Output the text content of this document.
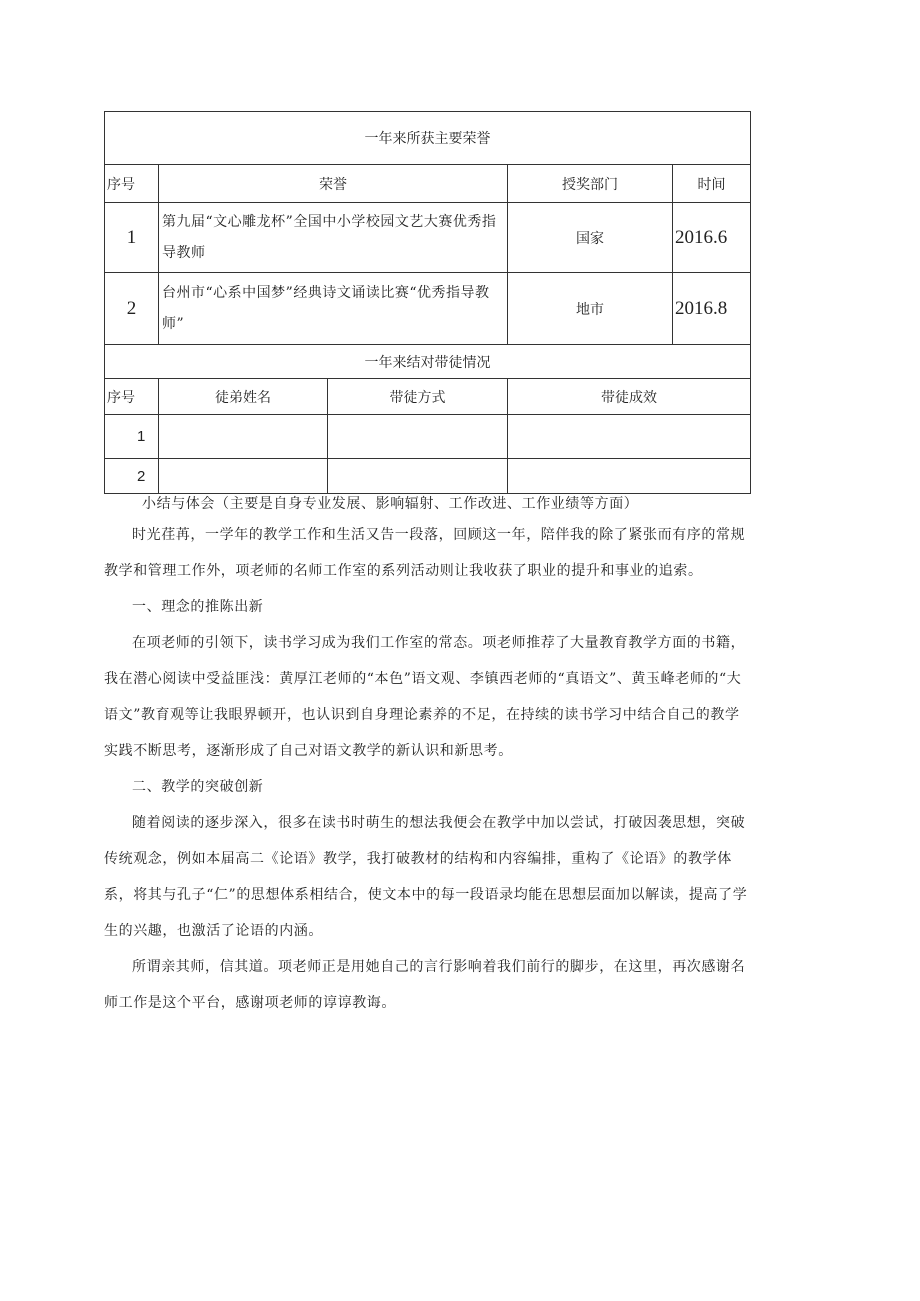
一年来所获主要荣誉				
序号	荣誉		授奖部门	时间
1	第九届“文心雕龙杯”全国中小学校园文艺大赛优秀指导教师		国家	2016.6
2	台州市“心系中国梦”经典诗文诵读比赛“优秀指导教师”		地市	2016.8
一年来结对带徒情况				
序号	徒弟姓名	带徒方式	带徒成效	
1				
2				

小结与体会（主要是自身专业发展、影响辐射、工作改进、工作业绩等方面）

时光荏苒，一学年的教学工作和生活又告一段落，回顾这一年，陪伴我的除了紧张而有序的常规教学和管理工作外，项老师的名师工作室的系列活动则让我收获了职业的提升和事业的追索。

一、理念的推陈出新

在项老师的引领下，读书学习成为我们工作室的常态。项老师推荐了大量教育教学方面的书籍，我在潜心阅读中受益匪浅：黄厚江老师的“本色”语文观、李镇西老师的“真语文”、黄玉峰老师的“大语文”教育观等让我眼界顿开，也认识到自身理论素养的不足，在持续的读书学习中结合自己的教学实践不断思考，逐渐形成了自己对语文教学的新认识和新思考。

二、教学的突破创新

随着阅读的逐步深入，很多在读书时萌生的想法我便会在教学中加以尝试，打破因袭思想，突破传统观念，例如本届高二《论语》教学，我打破教材的结构和内容编排，重构了《论语》的教学体系，将其与孔子“仁”的思想体系相结合，使文本中的每一段语录均能在思想层面加以解读，提高了学生的兴趣，也激活了论语的内涵。

所谓亲其师，信其道。项老师正是用她自己的言行影响着我们前行的脚步，在这里，再次感谢名师工作是这个平台，感谢项老师的谆谆教诲。
